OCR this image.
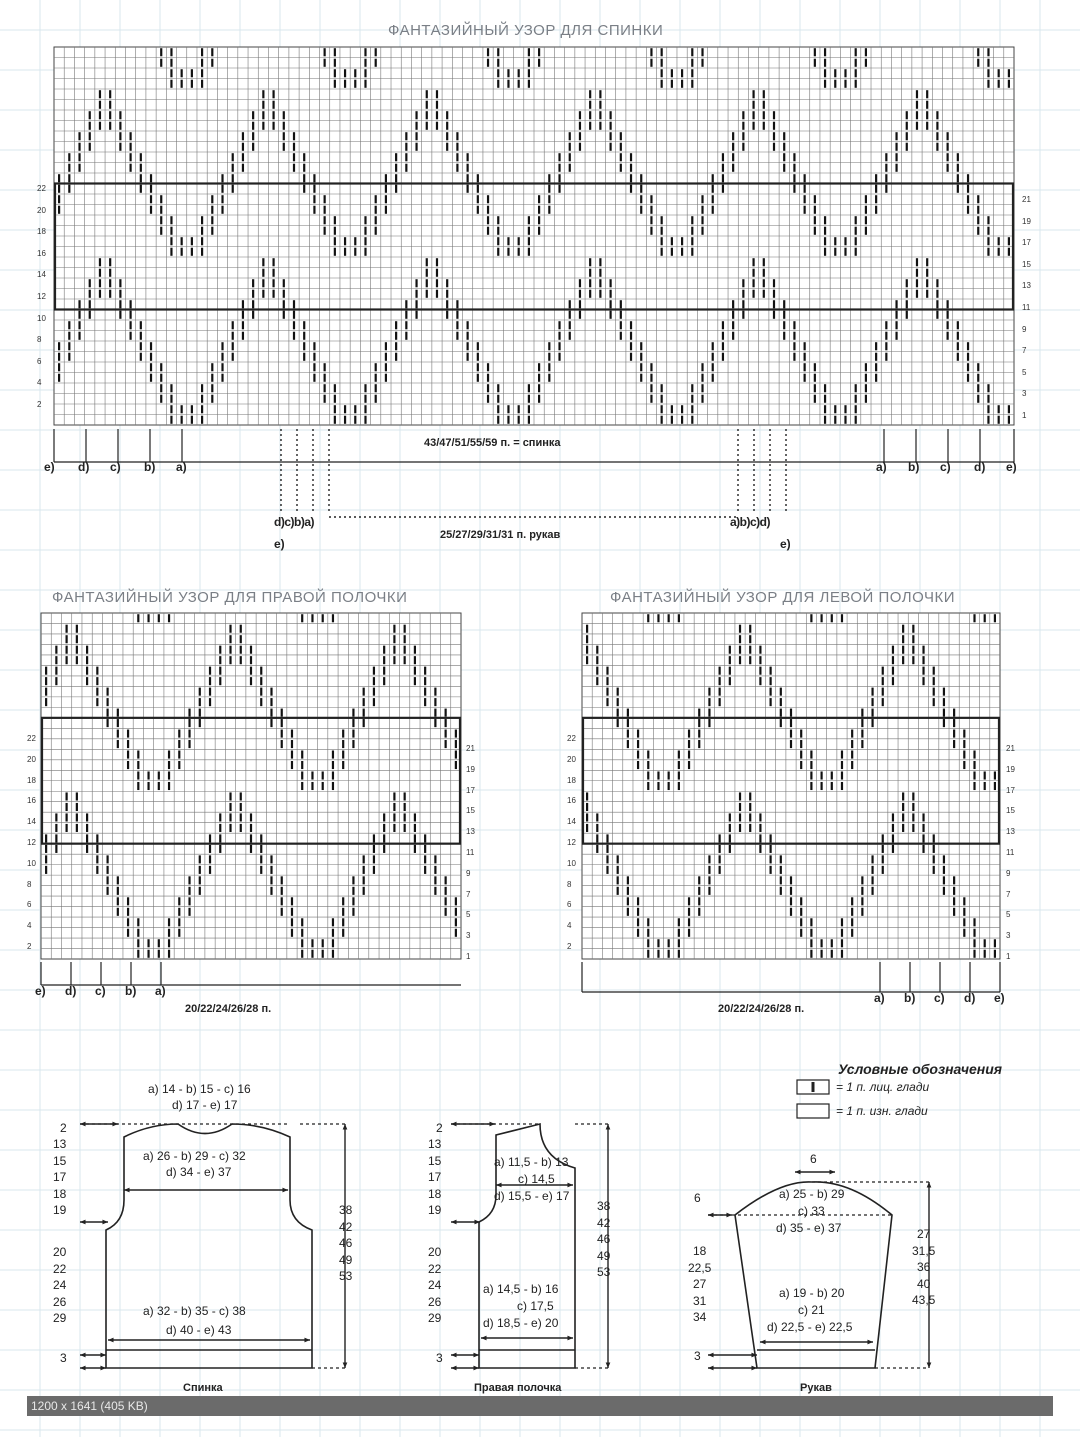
ФАНТАЗИЙНЫЙ УЗОР ДЛЯ СПИНКИ
ФАНТАЗИЙНЫЙ УЗОР ДЛЯ ПРАВОЙ ПОЛОЧКИ	ФАНТАЗИЙНЫЙ УЗОР ДЛЯ ЛЕВОЙ ПОЛОЧКИ
22
20
18
16
14
12
10
8
6
4
2
21
19
17
15
13
11
9
7
5
3
1
22
20
18
16
14
12
10
8
6
4
2
21
19
17
15
13
11
9
7
5
3
1
22
20
18
16
14
12
10
8
6
4
2
21
19
17
15
13
11
9
7
5
3
1
43/47/51/55/59 п. = спинка
e) d) c) b) a)	a) b) c) d) e)
d)c)b)a)
e)
25/27/29/31/31 п. рукав
a)b)c)d)
e)
e) d) c) b) a)
20/22/24/26/28 п.
a) b) c) d) e)
20/22/24/26/28 п.
Условные обозначения
= 1 п. лиц. глади
= 1 п. изн. глади
a) 14 - b) 15 - c) 16
d) 17 - e) 17
a) 26 - b) 29 - c) 32
d) 34 - e) 37
a) 32 - b) 35 - c) 38
d) 40 - e) 43
2
13
15
17
18
19
20
22
24
26
29
3
38
42
46
49
53
Спинка
a) 11,5 - b) 13
c) 14,5
d) 15,5 - e) 17
a) 14,5 - b) 16
c) 17,5
d) 18,5 - e) 20
2
13
15
17
18
19
20
22
24
26
29
3
38
42
46
49
53
Правая полочка
6
a) 25 - b) 29
c) 33
d) 35 - e) 37
a) 19 - b) 20
c) 21
d) 22,5 - e) 22,5
6
18
22,5
27
31
34
3
27
31,5
36
40
43,5
Рукав
1200 x 1641 (405 KB)
